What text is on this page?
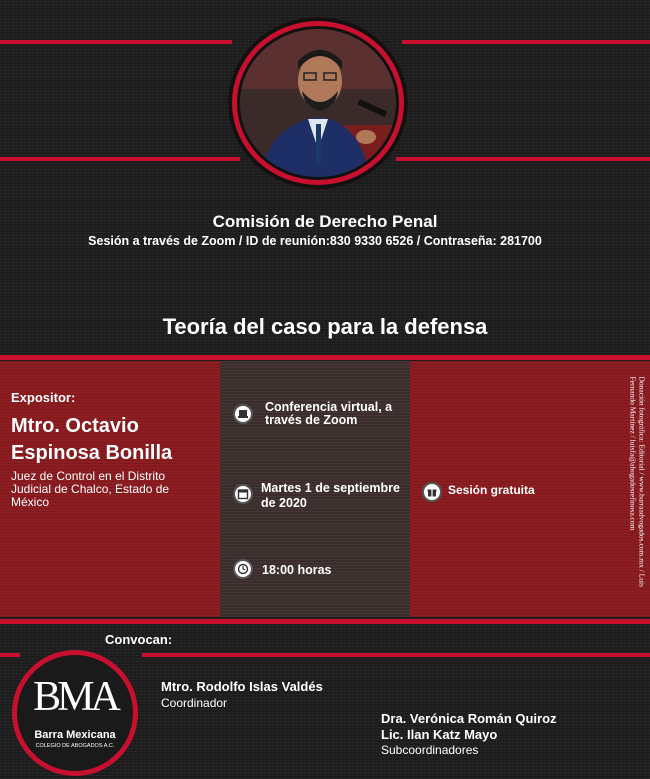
Comisión de Derecho Penal
Sesión a través de Zoom / ID de reunión:830 9330 6526 / Contraseña: 281700
Teoría del caso para la defensa
Expositor:
Mtro. Octavio
Espinosa Bonilla
Juez de Control en el Distrito Judicial de Chalco, Estado de México
Conferencia virtual, a través de Zoom
Martes 1 de septiembre de 2020
18:00 horas
Sesión gratuita	Donación fotográfica: Editorial / www.barraadvogados.com.mx / Luis Fernando Martínez / luisfa@abogadosrefinosa.com
Convocan:
BMA
Barra Mexicana
COLEGIO DE ABOGADOS A.C.
Mtro. Rodolfo Islas Valdés
Coordinador
Dra. Verónica Román Quiroz
Lic. Ilan Katz Mayo
Subcoordinadores
